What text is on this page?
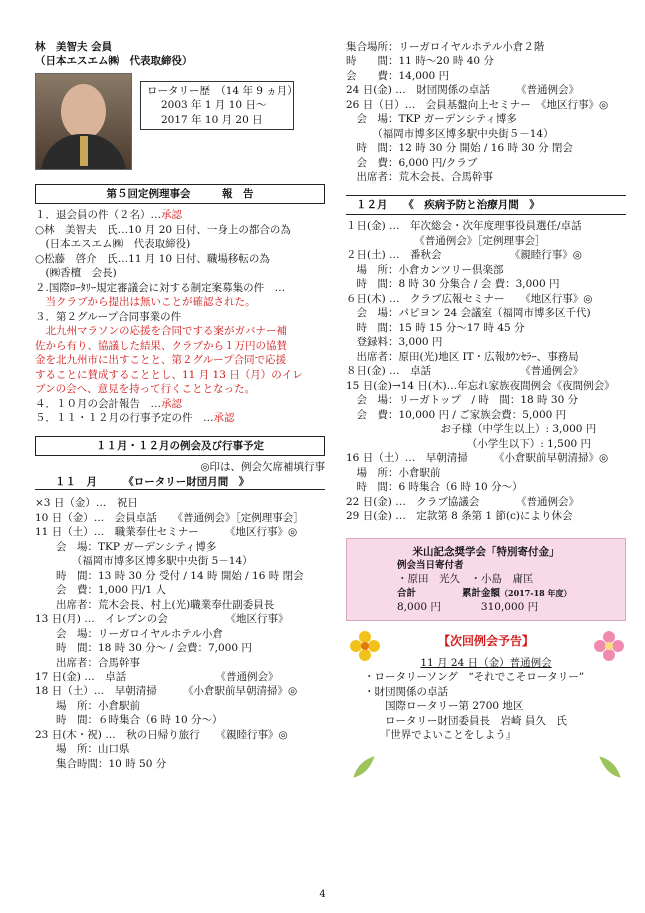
林　美智夫 会員
（日本エスエム㈱　代表取締役）
ロータリー歴　（14 年 9 ヵ月）
2003 年 1 月 10 日～
2017 年 10 月 20 日
第５回定例理事会　　　報　告
１．退会員の件（２名）…承認
○林　美智夫　氏…10 月 20 日付、一身上の都合の為
　(日本エスエム㈱　代表取締役)
○松藤　啓介　氏…11 月 10 日付、職場移転の為
　(㈱香檀　会長)
２.国際ﾛｰﾀﾘｰ規定審議会に対する制定案募集の件　…
　当クラブから提出は無いことが確認された。
３．第２グループ合同事業の件
　北九州マラソンの応援を合同でする案がガバナー補
佐から有り、協議した結果、クラブから１万円の協賛
金を北九州市に出すことと、第２グループ合同で応援
することに賛成することとし、11 月 13 日（月）のイレ
ブンの会へ、意見を持って行くこととなった。
４．１０月の会計報告　…承認
５．１１・１２月の行事予定の件　…承認
１１月・１２月の例会及び行事予定
◎印は、例会欠席補填行事
１１　月　　　《ロータリー財団月間　》
×3 日（金）…　祝日
10 日（金）…　会員卓話　　《普通例会》［定例理事会］
11 日（土）…　職業奉仕セミナー　　　《地区行事》◎
　　会　場：TKP ガーデンシティ博多
　　　　（福岡市博多区博多駅中央街 5－14）
　　時　間：13 時 30 分 受付 / 14 時 開始 / 16 時 閉会
　　会　費：1,000 円/1 人
　　出席者：荒木会長、村上(光)職業奉仕副委員長
13 日(月) …　イレブンの会　　　　　　《地区行事》
　　会　場：リーガロイヤルホテル小倉
　　時　間：18 時 30 分～ / 会費：7,000 円
　　出席者：合馬幹事
17 日(金) …　卓話　　　　　　　　　《普通例会》
18 日（土）…　早朝清掃　　　《小倉駅前早朝清掃》◎
　　場　所：小倉駅前
　　時　間：６時集合（6 時 10 分～）
23 日(木・祝) …　秋の日帰り旅行　　《親睦行事》◎
　　場　所：山口県
　　集合時間：10 時 50 分
集合場所：リーガロイヤルホテル小倉２階
時　　間：11 時～20 時 40 分
会　　費：14,000 円
24 日(金) …　財団関係の卓話　　　《普通例会》
26 日（日）…　会員基盤向上セミナー　《地区行事》◎
　会　場：TKP ガーデンシティ博多
　　　（福岡市博多区博多駅中央街５－14）
　時　間：12 時 30 分 開始 / 16 時 30 分 閉会
　会　費：6,000 円/クラブ
　出席者：荒木会長、合馬幹事
１２月　　《　疾病予防と治療月間　》
１日(金) …　年次総会・次年度理事役員選任/卓話
　　　　　　　《普通例会》［定例理事会］
２日(土) …　番秋会　　　　　　　《親睦行事》◎
　場　所：小倉カンツリー倶楽部
　時　間：8 時 30 分集合 / 会 費：3,000 円
６日(木) …　クラブ広報セミナー　　《地区行事》◎
　会　場：パピヨン 24 会議室（福岡市博多区千代)
　時　間：15 時 15 分～17 時 45 分
　登録料：3,000 円
　出席者：原田(光)地区 IT・広報ｶｳﾝｾﾗｰ、事務局
８日(金) …　卓話　　　　　　　　　《普通例会》
15 日(金)→14 日(木)…年忘れ家族夜間例会《夜間例会》
　会　場：リーガトップ　/ 時　間：18 時 30 分
　会　費：10,000 円 / ご家族会費：5,000 円
　　　　　　　　　お子様（中学生以上）: 3,000 円
　　　　　　　　　　　　（小学生以下）: 1,500 円
16 日（土）…　早朝清掃　　　《小倉駅前早朝清掃》◎
　場　所：小倉駅前
　時　間：6 時集合（6 時 10 分～）
22 日(金) …　クラブ協議会　　　　《普通例会》
29 日(金) …　定款第 8 条第 1 節(c)により休会
米山記念奨学会「特別寄付金」
例会当日寄付者
・原田　光久　・小島　庸匡
合計	累計金額（2017-18 年度）
8,000 円	310,000 円
【次回例会予告】
11 月 24 日（金）普通例会
・ロータリーソング　“それでこそロータリー”
・財団関係の卓話
　　国際ロータリー第 2700 地区
　　ロータリー財団委員長　岩崎 員久　氏
　　『世界でよいことをしよう』
4
